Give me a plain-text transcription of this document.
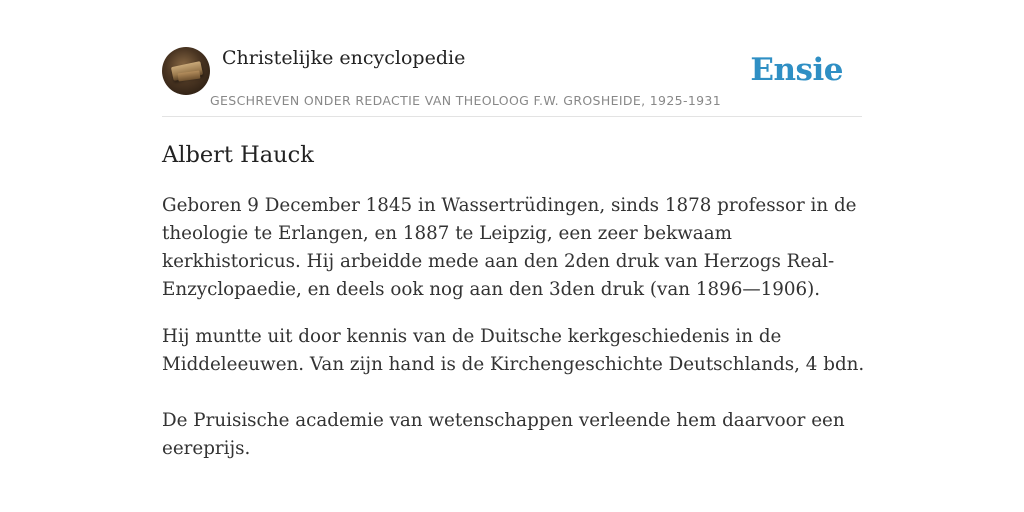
Christelijke encyclopedie
GESCHREVEN ONDER REDACTIE VAN THEOLOOG F.W. GROSHEIDE, 1925-1931
Ensie
Albert Hauck

Geboren 9 December 1845 in Wassertrüdingen, sinds 1878 professor in de theologie te Erlangen, en 1887 te Leipzig, een zeer bekwaam kerkhistoricus. Hij arbeidde mede aan den 2den druk van Herzogs Real-Enzyclopaedie, en deels ook nog aan den 3den druk (van 1896—1906).

Hij muntte uit door kennis van de Duitsche kerkgeschiedenis in de Middeleeuwen. Van zijn hand is de Kirchengeschichte Deutschlands, 4 bdn.

De Pruisische academie van wetenschappen verleende hem daarvoor een eereprijs.
